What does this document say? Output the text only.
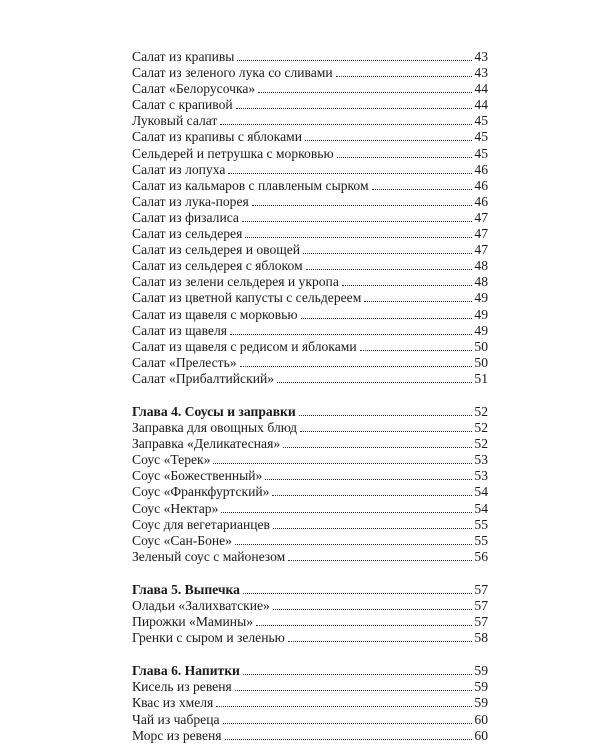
Салат из крапивы	43
Салат из зеленого лука со сливами	43
Салат «Белорусочка»	44
Салат с крапивой	44
Луковый салат	45
Салат из крапивы с яблоками	45
Сельдерей и петрушка с морковью	45
Салат из лопуха	46
Салат из кальмаров с плавленым сырком	46
Салат из лука-порея	46
Салат из физалиса	47
Салат из сельдерея	47
Салат из сельдерея и овощей	47
Салат из сельдерея с яблоком	48
Салат из зелени сельдерея и укропа	48
Салат из цветной капусты с сельдереем	49
Салат из щавеля с морковью	49
Салат из щавеля	49
Салат из щавеля с редисом и яблоками	50
Салат «Прелесть»	50
Салат «Прибалтийский»	51
Глава 4. Соусы и заправки	52
Заправка для овощных блюд	52
Заправка «Деликатесная»	52
Соус «Терек»	53
Соус «Божественный»	53
Соус «Франкфуртский»	54
Соус «Нектар»	54
Соус для вегетарианцев	55
Соус «Сан-Боне»	55
Зеленый соус с майонезом	56
Глава 5. Выпечка	57
Оладьи «Залихватские»	57
Пирожки «Мамины»	57
Гренки с сыром и зеленью	58
Глава 6. Напитки	59
Кисель из ревеня	59
Квас из хмеля	59
Чай из чабреца	60
Морс из ревеня	60
